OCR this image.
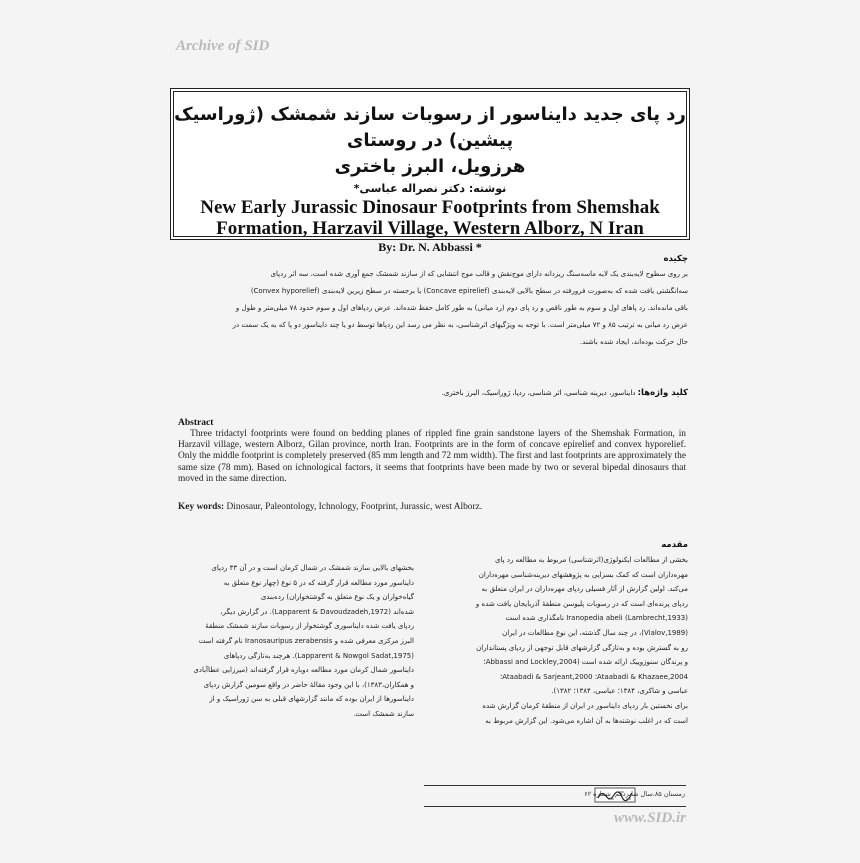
Archive of SID
رد پای جدید دایناسور از رسوبات سازند شمشک (ژوراسیک پیشین) در روستای
هرزویل، البرز باختری
نوشته: دکتر نصراله عباسی*
New Early Jurassic Dinosaur Footprints from Shemshak
Formation, Harzavil Village, Western Alborz, N Iran
By: Dr. N. Abbassi *
چکیده

بر روی سطوح لایه‌بندی یک لایه ماسه‌سنگ ریزدانه دارای موج‌نقش و قالب موج انتشابی که از سازند شمشک جمع آوری شده است، سه اثر ردپای

سه‌انگشتی یافت شده که به‌صورت فرورفته در سطح بالایی لایه‌بندی (Concave epirelief) یا برجسته در سطح زیرین لایه‌بندی (Convex hyporelief)

باقی مانده‌اند. رد پاهای اول و سوم به طور ناقص و رد پای دوم (رد میانی) به طور کامل حفظ شده‌اند. عرض ردپاهای اول و سوم حدود ۷۸ میلی‌متر و طول و

عرض رد میانی به ترتیب ۸۵ و ۷۲ میلی‌متر است. با توجه به ویژگیهای اثرشناسی، به نظر می رسد این ردپاها توسط دو یا چند دایناسور دو پا که به یک سمت در

حال حرکت بوده‌اند، ایجاد شده باشند.

کلید واژه‌ها: دایناسور، دیرینه شناسی، اثر شناسی، ردپا، ژوراسیک، البرز باختری.
Abstract
Three tridactyl footprints were found on bedding planes of rippled fine grain sandstone layers of the Shemshak Formation, in Harzavil village, western Alborz, Gilan province, north Iran. Footprints are in the form of concave epirelief and convex hyporelief. Only the middle footprint is completely preserved (85 mm length and 72 mm width). The first and last footprints are approximately the same size (78 mm). Based on ichnological factors, it seems that footprints have been made by two or several bipedal dinosaurs that moved in the same direction.
Key words: Dinosaur, Paleontology, Ichnology, Footprint, Jurassic, west Alborz.
مقدمه

بخشی از مطالعات ایکنولوژی(اثرشناسی) مربوط به مطالعه رد پای

مهره‌داران است که کمک بسزایی به پژوهشهای دیرینه‌شناسی مهره‌داران

می‌کند. اولین گزارش از آثار فسیلی ردپای مهره‌داران در ایران متعلق به

ردپای پرنده‌ای است که در رسوبات پلیوسن منطقهٔ آذربایجان یافت شده و

Iranopedia abeli (Lambrecht,1933) نامگذاری شده است

(Vialov,1989)، در چند سال گذشته، این نوع مطالعات در ایران

رو به گسترش بوده و به‌تازگی گزارشهای قابل توجهی از ردپای پستانداران

و پرندگان سنوزوییک ارائه شده است (Abbassi and Lockley,2004؛

Ataabadi & Khazaee,2004؛ Ataabadi & Sarjeant,2000؛

عباسی و شاکری، ۱۳۸۴؛ عباسی، ۱۳۸۴؛ ۱۳۸۲).

برای نخستین بار ردپای دایناسور در ایران از منطقهٔ کرمان گزارش شده

است که در اغلب نوشته‌ها به آن اشاره می‌شود. این گزارش مربوط به

بخشهای بالایی سازند شمشک در شمال کرمان است و در آن ۳۳ ردپای

دایناسور مورد مطالعه قرار گرفته که در ۵ نوع (چهار نوع متعلق به

گیاه‌خواران و یک نوع متعلق به گوشتخواران) رده‌بندی

شده‌اند (Lapparent & Davoudzadeh,1972). در گزارش دیگر،

ردپای یافت شده دایناسوری گوشتخوار از رسوبات سازند شمشک منطقهٔ

البرز مرکزی معرفی شده و Iranosauripus zerabensis نام گرفته است

(Lapparent & Nowgol Sadat,1975). هرچند به‌تازگی ردپاهای

دایناسور شمال کرمان مورد مطالعه دوباره قرار گرفته‌اند (میرزایی عطاآبادی

و همکاران،۱۳۸۳)، با این وجود مقالهٔ حاضر در واقع سومین گزارش ردپای

دایناسورها از ایران بوده که مانند گزارشهای قبلی به سن ژوراسیک و از

سازند شمشک است.

زمستان ۸۵،سال شانزدهم، شماره ۶۲
www.SID.ir
